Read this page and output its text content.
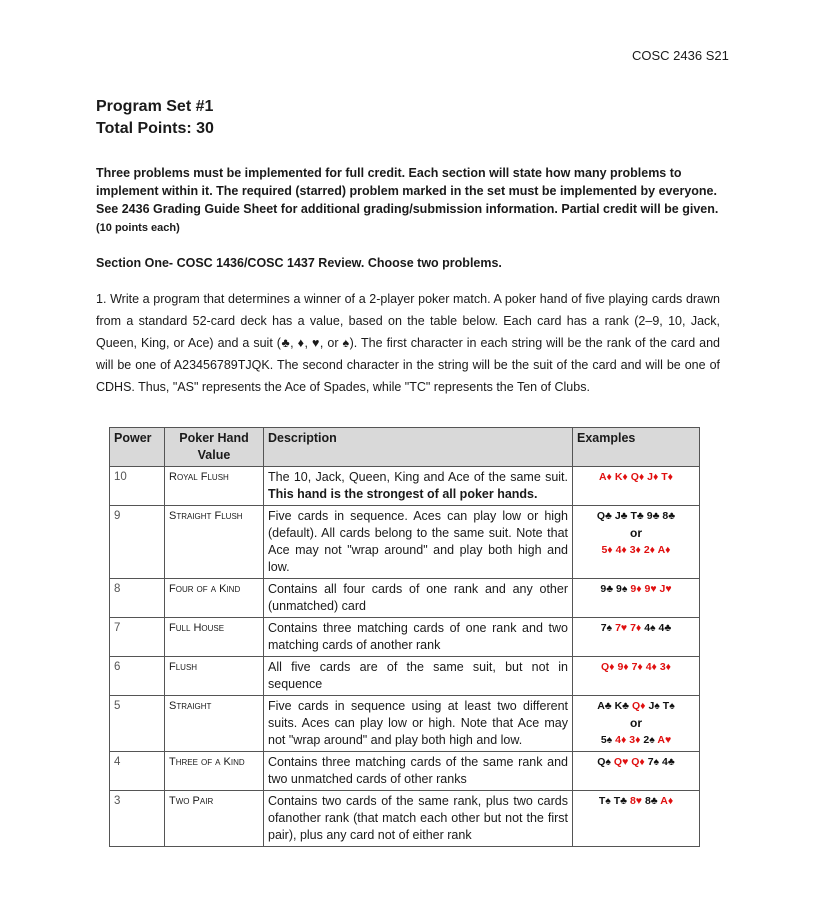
COSC 2436 S21
Program Set #1
Total Points: 30
Three problems must be implemented for full credit. Each section will state how many problems to implement within it. The required (starred) problem marked in the set must be implemented by everyone. See 2436 Grading Guide Sheet for additional grading/submission information. Partial credit will be given. (10 points each)
Section One- COSC 1436/COSC 1437 Review. Choose two problems.
1. Write a program that determines a winner of a 2-player poker match. A poker hand of five playing cards drawn from a standard 52-card deck has a value, based on the table below. Each card has a rank (2–9, 10, Jack, Queen, King, or Ace) and a suit (♣, ♦, ♥, or ♠). The first character in each string will be the rank of the card and will be one of A23456789TJQK. The second character in the string will be the suit of the card and will be one of CDHS. Thus, "AS" represents the Ace of Spades, while "TC" represents the Ten of Clubs.
Power	Poker Hand Value	Description	Examples
10	Royal Flush	The 10, Jack, Queen, King and Ace of the same suit. This hand is the strongest of all poker hands.	A♦ K♦ Q♦ J♦ T♦

9	Straight Flush	Five cards in sequence. Aces can play low or high (default). All cards belong to the same suit. Note that Ace may not "wrap around" and play both high and low.	Q♣ J♣ T♣ 9♣ 8♣
or
5♦ 4♦ 3♦ 2♦ A♦

8	Four of a Kind	Contains all four cards of one rank and any other (unmatched) card	9♣ 9♠ 9♦ 9♥ J♥

7	Full House	Contains three matching cards of one rank and two matching cards of another rank	7♠ 7♥ 7♦ 4♠ 4♣

6	Flush	All five cards are of the same suit, but not in sequence	Q♦ 9♦ 7♦ 4♦ 3♦

5	Straight	Five cards in sequence using at least two different suits. Aces can play low or high. Note that Ace may not "wrap around" and play both high and low.	A♣ K♣ Q♦ J♠ T♠
or
5♠ 4♦ 3♦ 2♠ A♥

4	Three of a Kind	Contains three matching cards of the same rank and two unmatched cards of other ranks	Q♠ Q♥ Q♦ 7♠ 4♣

3	Two Pair	Contains two cards of the same rank, plus two cards ofanother rank (that match each other but not the first pair), plus any card not of either rank	T♠ T♣ 8♥ 8♣ A♦
